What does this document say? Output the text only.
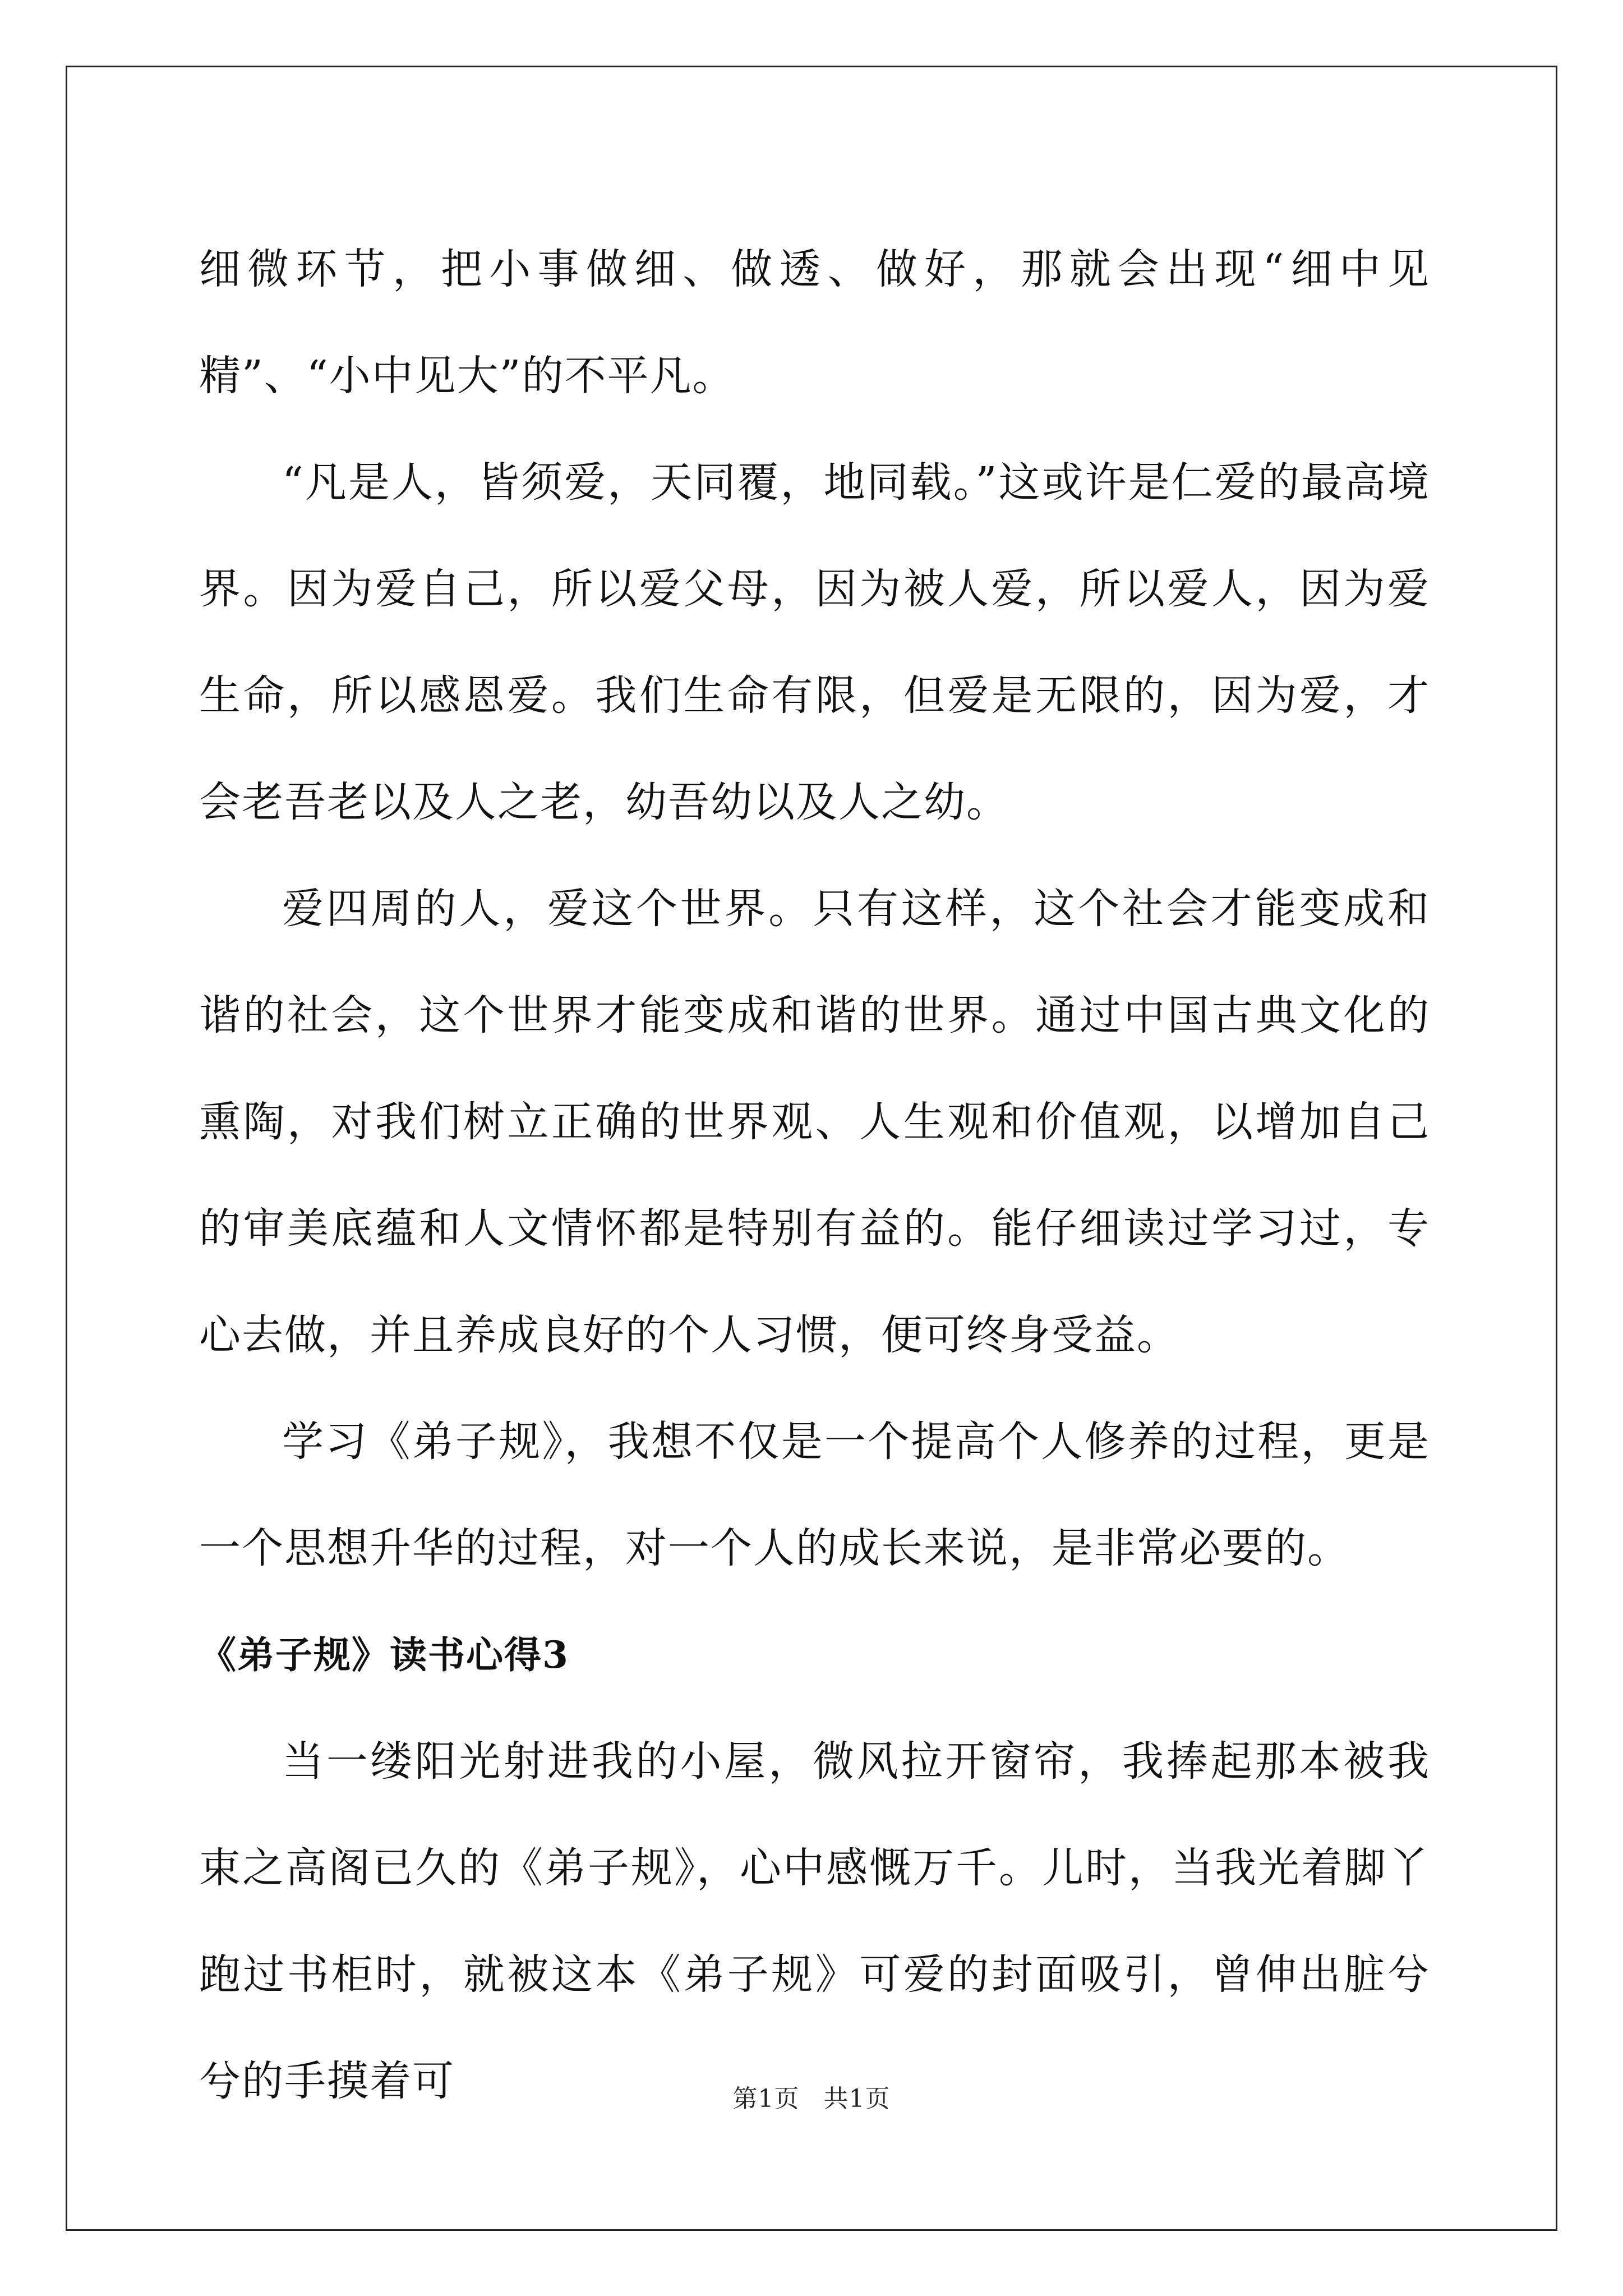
细微环节，把小事做细、做透、做好，那就会出现“细中见精”、“小中见大”的不平凡。

“凡是人，皆须爱，天同覆，地同载。”这或许是仁爱的最高境界。因为爱自己，所以爱父母，因为被人爱，所以爱人，因为爱生命，所以感恩爱。我们生命有限，但爱是无限的，因为爱，才会老吾老以及人之老，幼吾幼以及人之幼。

爱四周的人，爱这个世界。只有这样，这个社会才能变成和谐的社会，这个世界才能变成和谐的世界。通过中国古典文化的熏陶，对我们树立正确的世界观、人生观和价值观，以增加自己的审美底蕴和人文情怀都是特别有益的。能仔细读过学习过，专心去做，并且养成良好的个人习惯，便可终身受益。

学习《弟子规》，我想不仅是一个提高个人修养的过程，更是一个思想升华的过程，对一个人的成长来说，是非常必要的。

《弟子规》读书心得3

当一缕阳光射进我的小屋，微风拉开窗帘，我捧起那本被我束之高阁已久的《弟子规》，心中感慨万千。儿时，当我光着脚丫跑过书柜时，就被这本《弟子规》可爱的封面吸引，曾伸出脏兮兮的手摸着可	第1页 共1页
